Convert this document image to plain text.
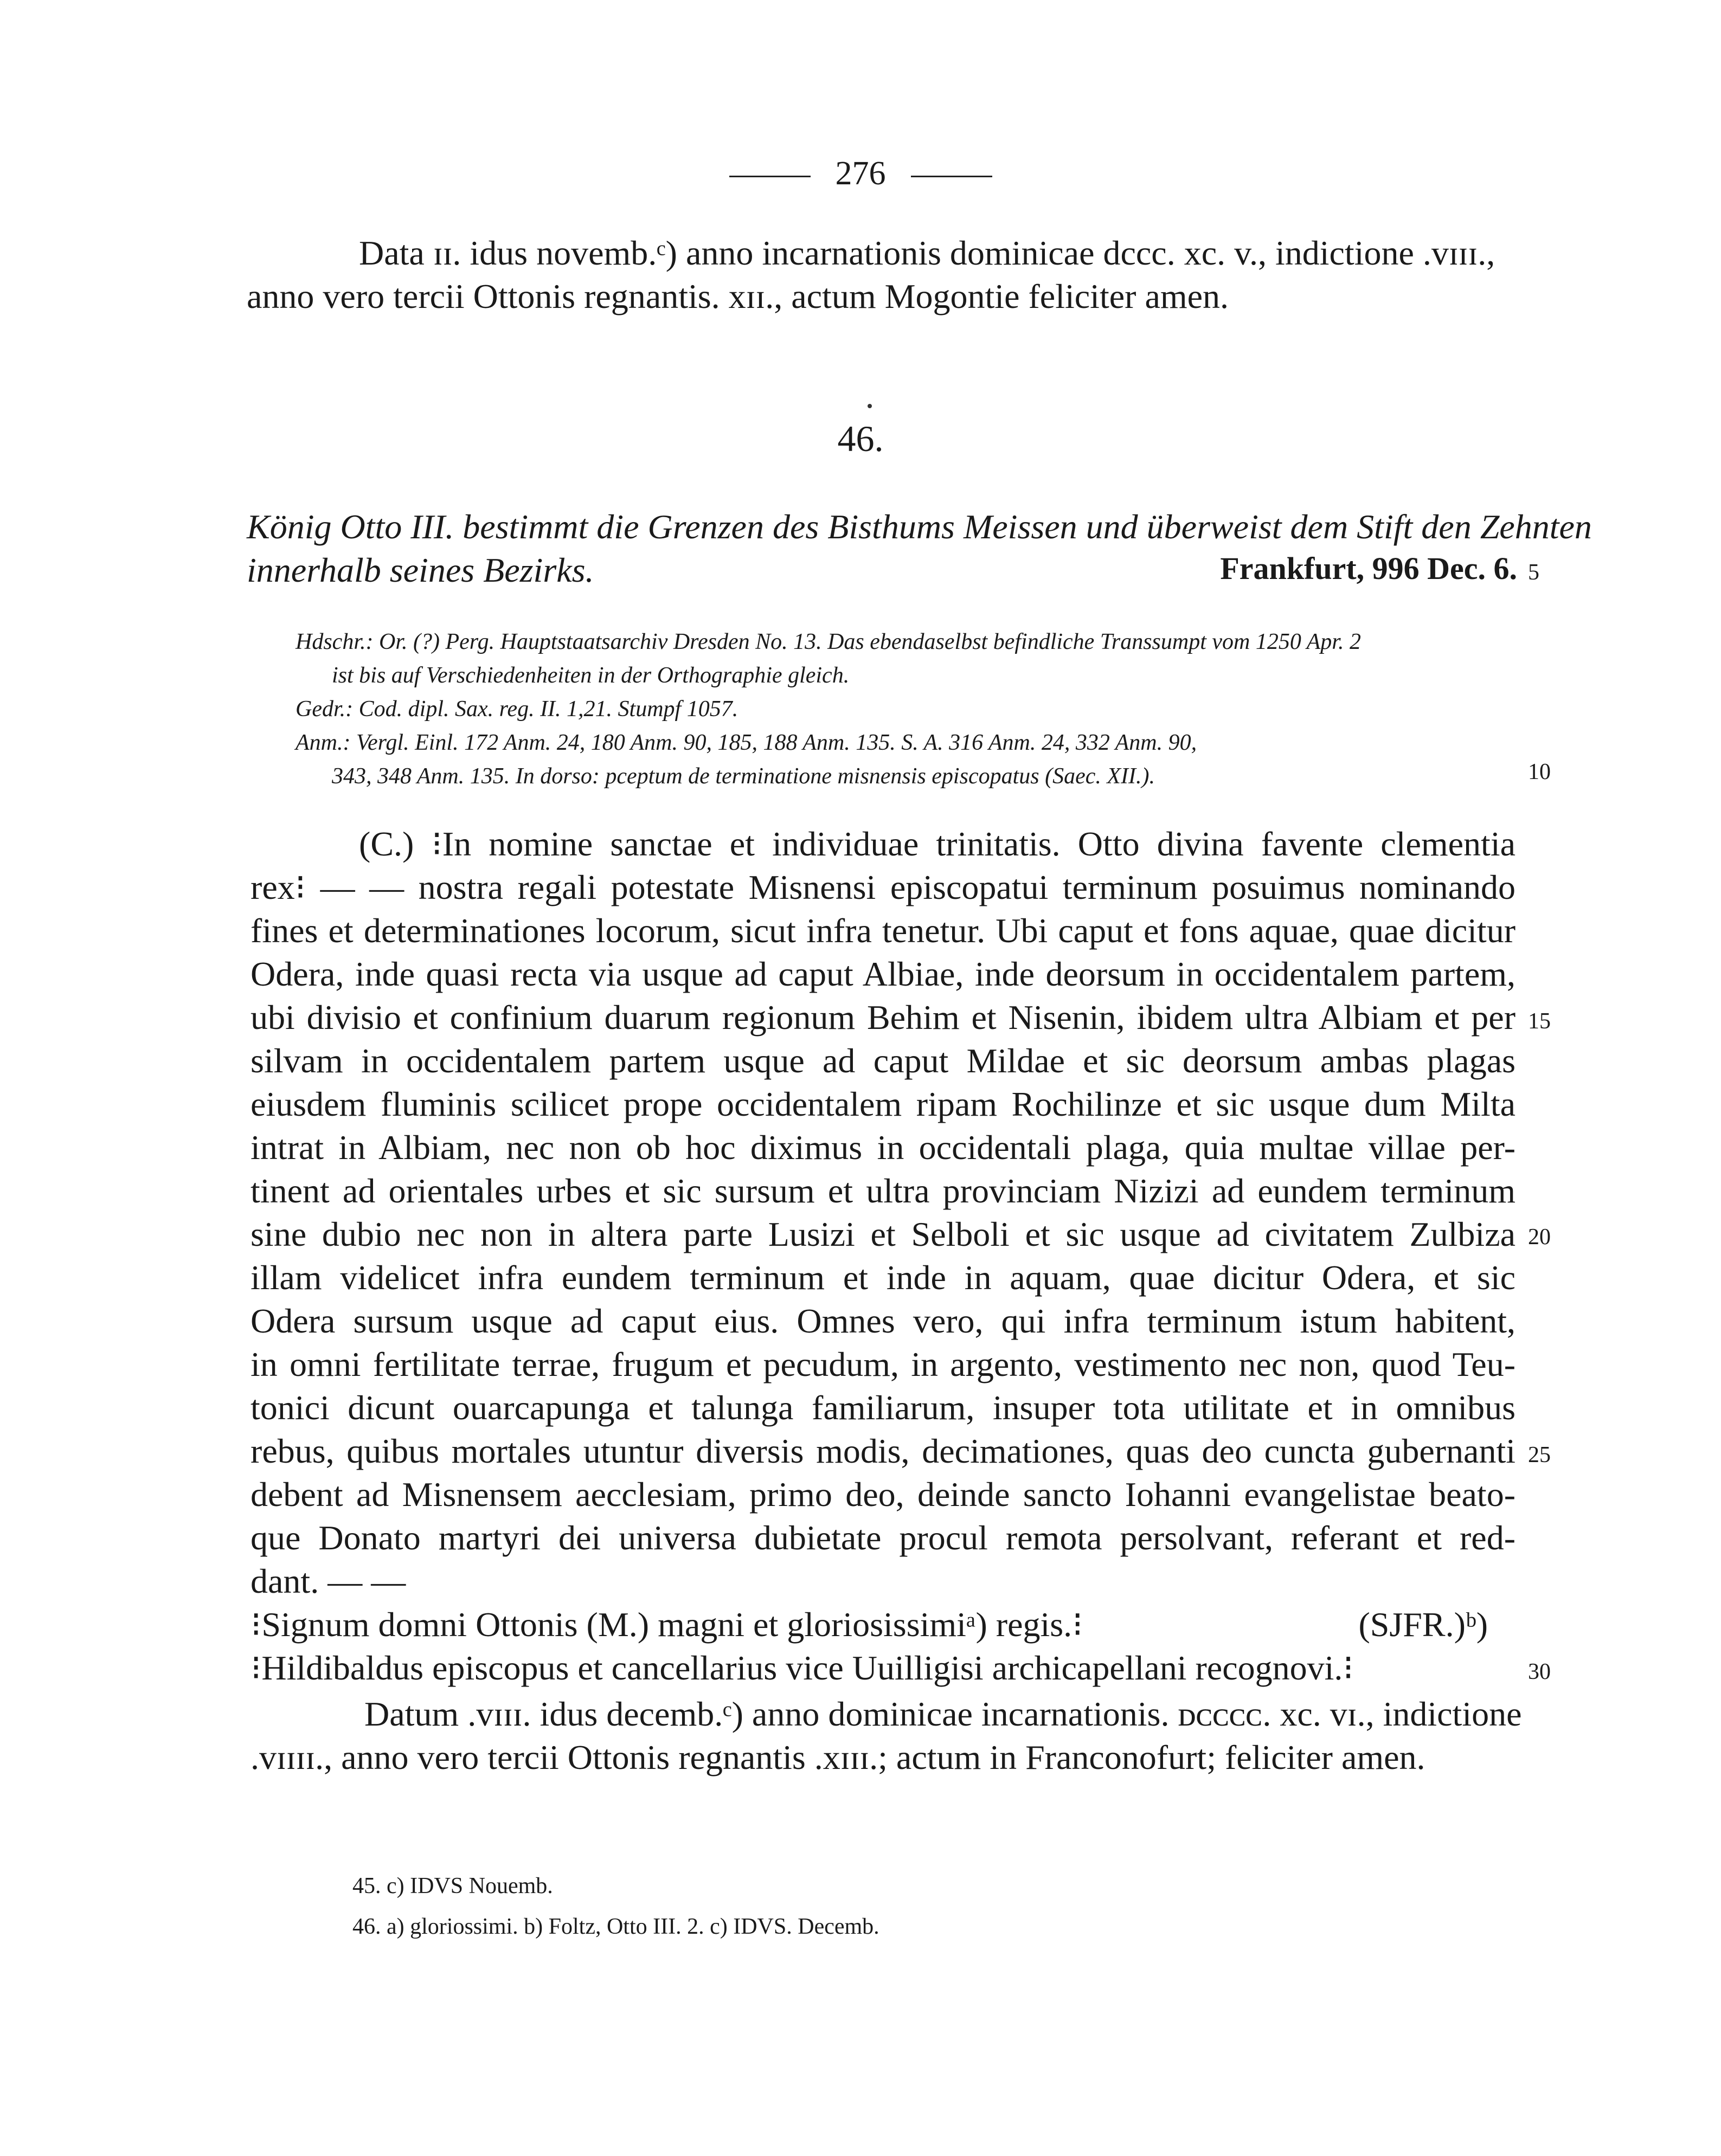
276
Data ɪɪ. idus novemb.ᶜ) anno incarnationis dominicae dccc. xc. v., indictione .ᴠɪɪɪ.,
anno vero tercii Ottonis regnantis. xɪɪ., actum Mogontie feliciter amen.
46.
König Otto III. bestimmt die Grenzen des Bisthums Meissen und überweist dem Stift den Zehnten
innerhalb seines Bezirks.	Frankfurt, 996 Dec. 6.
Hdschr.: Or. (?) Perg. Hauptstaatsarchiv Dresden No. 13. Das ebendaselbst befindliche Transsumpt vom 1250 Apr. 2
ist bis auf Verschiedenheiten in der Orthographie gleich.
Gedr.: Cod. dipl. Sax. reg. II. 1,21. Stumpf 1057.
Anm.: Vergl. Einl. 172 Anm. 24, 180 Anm. 90, 185, 188 Anm. 135. S. A. 316 Anm. 24, 332 Anm. 90,
343, 348 Anm. 135. In dorso: pceptum de terminatione misnensis episcopatus (Saec. XII.).
(C.) ⁝In nomine sanctae et individuae trinitatis. Otto divina favente clementia
rex⁝ — — nostra regali potestate Misnensi episcopatui terminum posuimus nominando
fines et determinationes locorum, sicut infra tenetur. Ubi caput et fons aquae, quae dicitur
Odera, inde quasi recta via usque ad caput Albiae, inde deorsum in occidentalem partem,
ubi divisio et confinium duarum regionum Behim et Nisenin, ibidem ultra Albiam et per
silvam in occidentalem partem usque ad caput Mildae et sic deorsum ambas plagas
eiusdem fluminis scilicet prope occidentalem ripam Rochilinze et sic usque dum Milta
intrat in Albiam, nec non ob hoc diximus in occidentali plaga, quia multae villae per-
tinent ad orientales urbes et sic sursum et ultra provinciam Nizizi ad eundem terminum
sine dubio nec non in altera parte Lusizi et Selboli et sic usque ad civitatem Zulbiza
illam videlicet infra eundem terminum et inde in aquam, quae dicitur Odera, et sic
Odera sursum usque ad caput eius. Omnes vero, qui infra terminum istum habitent,
in omni fertilitate terrae, frugum et pecudum, in argento, vestimento nec non, quod Teu-
tonici dicunt ouarcapunga et talunga familiarum, insuper tota utilitate et in omnibus
rebus, quibus mortales utuntur diversis modis, decimationes, quas deo cuncta gubernanti
debent ad Misnensem aecclesiam, primo deo, deinde sancto Iohanni evangelistae beato-
que Donato martyri dei universa dubietate procul remota persolvant, referant et red-
dant. — —
⁝Signum domni Ottonis (M.) magni et gloriosissimiᵃ) regis.⁝	(SJFR.)ᵇ)
⁝Hildibaldus episcopus et cancellarius vice Uuilligisi archicapellani recognovi.⁝
Datum .ᴠɪɪɪ. idus decemb.ᶜ) anno dominicae incarnationis. ᴅᴄᴄᴄᴄ. xc. ᴠɪ., indictione
.ᴠɪɪɪɪ., anno vero tercii Ottonis regnantis .xɪɪɪ.; actum in Franconofurt; feliciter amen.
5
10
15
20
25
30
45. c) IDVS Nouemb.
46. a) gloriossimi. b) Foltz, Otto III. 2. c) IDVS. Decemb.
